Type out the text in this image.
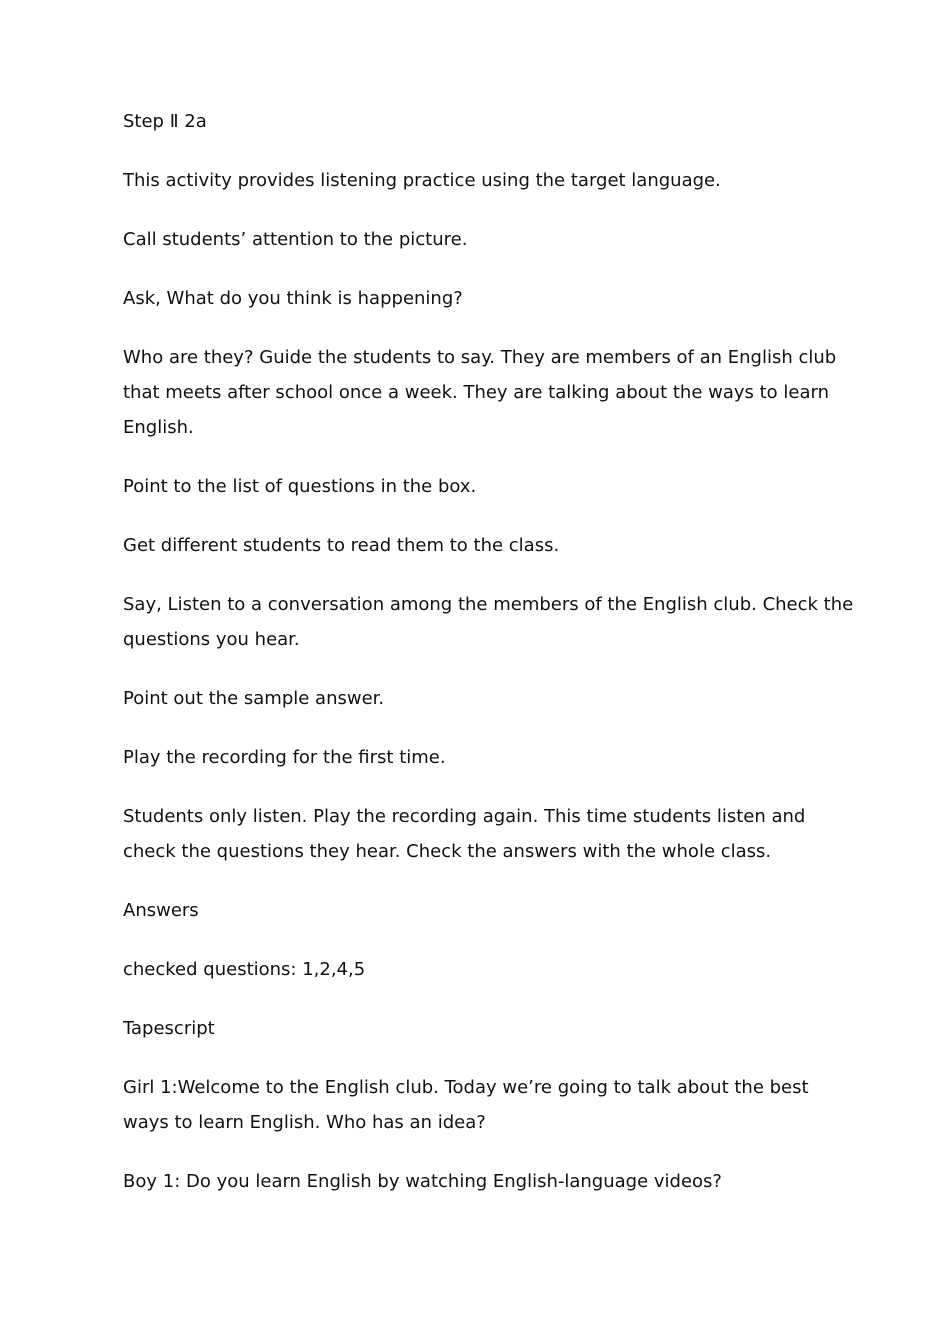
Step Ⅱ 2a

This activity provides listening practice using the target language.

Call students’ attention to the picture.

Ask, What do you think is happening?

Who are they? Guide the students to say. They are members of an English club that meets after school once a week. They are talking about the ways to learn English.

Point to the list of questions in the box.

Get different students to read them to the class.

Say, Listen to a conversation among the members of the English club. Check the questions you hear.

Point out the sample answer.

Play the recording for the first time.

Students only listen. Play the recording again. This time students listen and check the questions they hear. Check the answers with the whole class.

Answers

checked questions: 1,2,4,5

Tapescript

Girl 1:Welcome to the English club. Today we’re going to talk about the best ways to learn English. Who has an idea?

Boy 1: Do you learn English by watching English-language videos?
